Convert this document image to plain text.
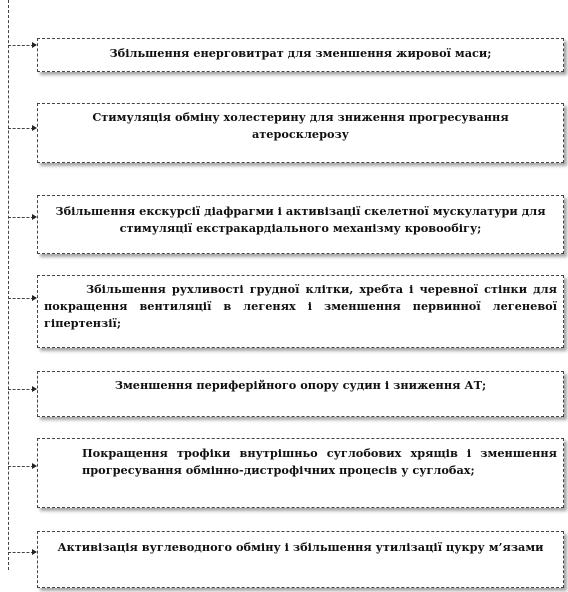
Збільшення енерговитрат для зменшення жирової маси;
Стимуляція обміну холестерину для зниження прогресування атеросклерозу
Збільшення екскурсії діафрагми і активізації скелетної мускулатури для стимуляції екстракардіального механізму кровообігу;
Збільшення рухливості грудної клітки, хребта і черевної стінки для покращення вентиляції в легенях і зменшення первинної легеневої гіпертензії;
Зменшення периферійного опору судин і зниження АТ;
Покращення трофіки внутрішньо суглобових хрящів і зменшення прогресування обмінно-дистрофічних процесів у суглобах;
Активізація вуглеводного обміну і збільшення утилізації цукру м’язами
